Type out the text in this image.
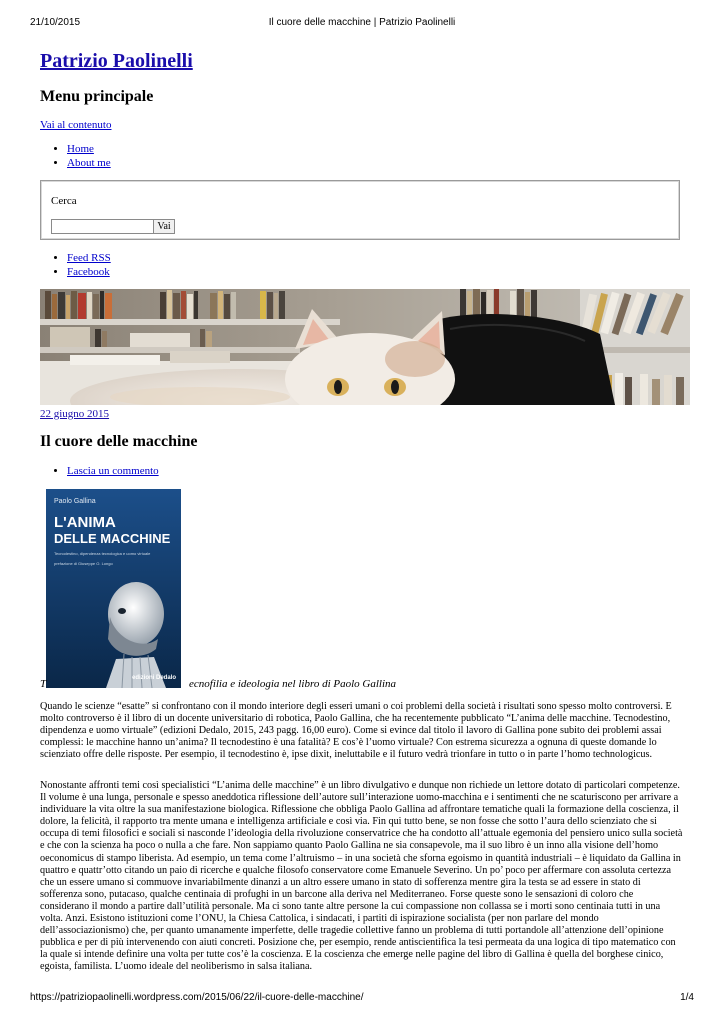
21/10/2015	Il cuore delle macchine | Patrizio Paolinelli
Patrizio Paolinelli
Menu principale
Vai al contenuto
• Home
• About me
Cerca
Vai
• Feed RSS
• Facebook
22 giugno 2015
Il cuore delle macchine
• Lascia un commento
Paolo Gallina
L'ANIMA
DELLE MACCHINE
Tecnodestino, dipendenza tecnologica e uomo virtuale
prefazione di Giuseppe O. Longo
edizioni Dedalo
T	ecnofilia e ideologia nel libro di Paolo Gallina

Quando le scienze “esatte” si confrontano con il mondo interiore degli esseri umani o coi problemi della società i risultati sono spesso molto controversi. E molto controverso è il libro di un docente universitario di robotica, Paolo Gallina, che ha recentemente pubblicato “L’anima delle macchine. Tecnodestino, dipendenza e uomo virtuale” (edizioni Dedalo, 2015, 243 pagg. 16,00 euro). Come si evince dal titolo il lavoro di Gallina pone subito dei problemi assai complessi: le macchine hanno un’anima? Il tecnodestino è una fatalità? E cos’è l’uomo virtuale? Con estrema sicurezza a ognuna di queste domande lo scienziato offre delle risposte. Per esempio, il tecnodestino è, ipse dixit, ineluttabile e il futuro vedrà trionfare in tutto o in parte l’homo technologicus.

Nonostante affronti temi così specialistici “L’anima delle macchine” è un libro divulgativo e dunque non richiede un lettore dotato di particolari competenze. Il volume è una lunga, personale e spesso aneddotica riflessione dell’autore sull’interazione uomo-macchina e i sentimenti che ne scaturiscono per arrivare a individuare la vita oltre la sua manifestazione biologica. Riflessione che obbliga Paolo Gallina ad affrontare tematiche quali la formazione della coscienza, il dolore, la felicità, il rapporto tra mente umana e intelligenza artificiale e così via. Fin qui tutto bene, se non fosse che sotto l’aura dello scienziato che si occupa di temi filosofici e sociali si nasconde l’ideologia della rivoluzione conservatrice che ha condotto all’attuale egemonia del pensiero unico sulla società e che con la scienza ha poco o nulla a che fare. Non sappiamo quanto Paolo Gallina ne sia consapevole, ma il suo libro è un inno alla visione dell’homo oeconomicus di stampo liberista. Ad esempio, un tema come l’altruismo – in una società che sforna egoismo in quantità industriali – è liquidato da Gallina in quattro e quattr’otto citando un paio di ricerche e qualche filosofo conservatore come Emanuele Severino. Un po’ poco per affermare con assoluta certezza che un essere umano si commuove invariabilmente dinanzi a un altro essere umano in stato di sofferenza mentre gira la testa se ad essere in stato di sofferenza sono, putacaso, qualche centinaia di profughi in un barcone alla deriva nel Mediterraneo. Forse queste sono le sensazioni di coloro che considerano il mondo a partire dall’utilità personale. Ma ci sono tante altre persone la cui compassione non collassa se i morti sono centinaia tutti in una volta. Anzi. Esistono istituzioni come l’ONU, la Chiesa Cattolica, i sindacati, i partiti di ispirazione socialista (per non parlare del mondo dell’associazionismo) che, per quanto umanamente imperfette, delle tragedie collettive fanno un problema di tutti portandole all’attenzione dell’opinione pubblica e per di più intervenendo con aiuti concreti. Posizione che, per esempio, rende antiscientifica la tesi permeata da una logica di tipo matematico con la quale si intende definire una volta per tutte cos’è la coscienza. E la coscienza che emerge nelle pagine del libro di Gallina è quella del borghese cinico, egoista, familista. L’uomo ideale del neoliberismo in salsa italiana.

https://patriziopaolinelli.wordpress.com/2015/06/22/il-cuore-delle-macchine/	1/4
